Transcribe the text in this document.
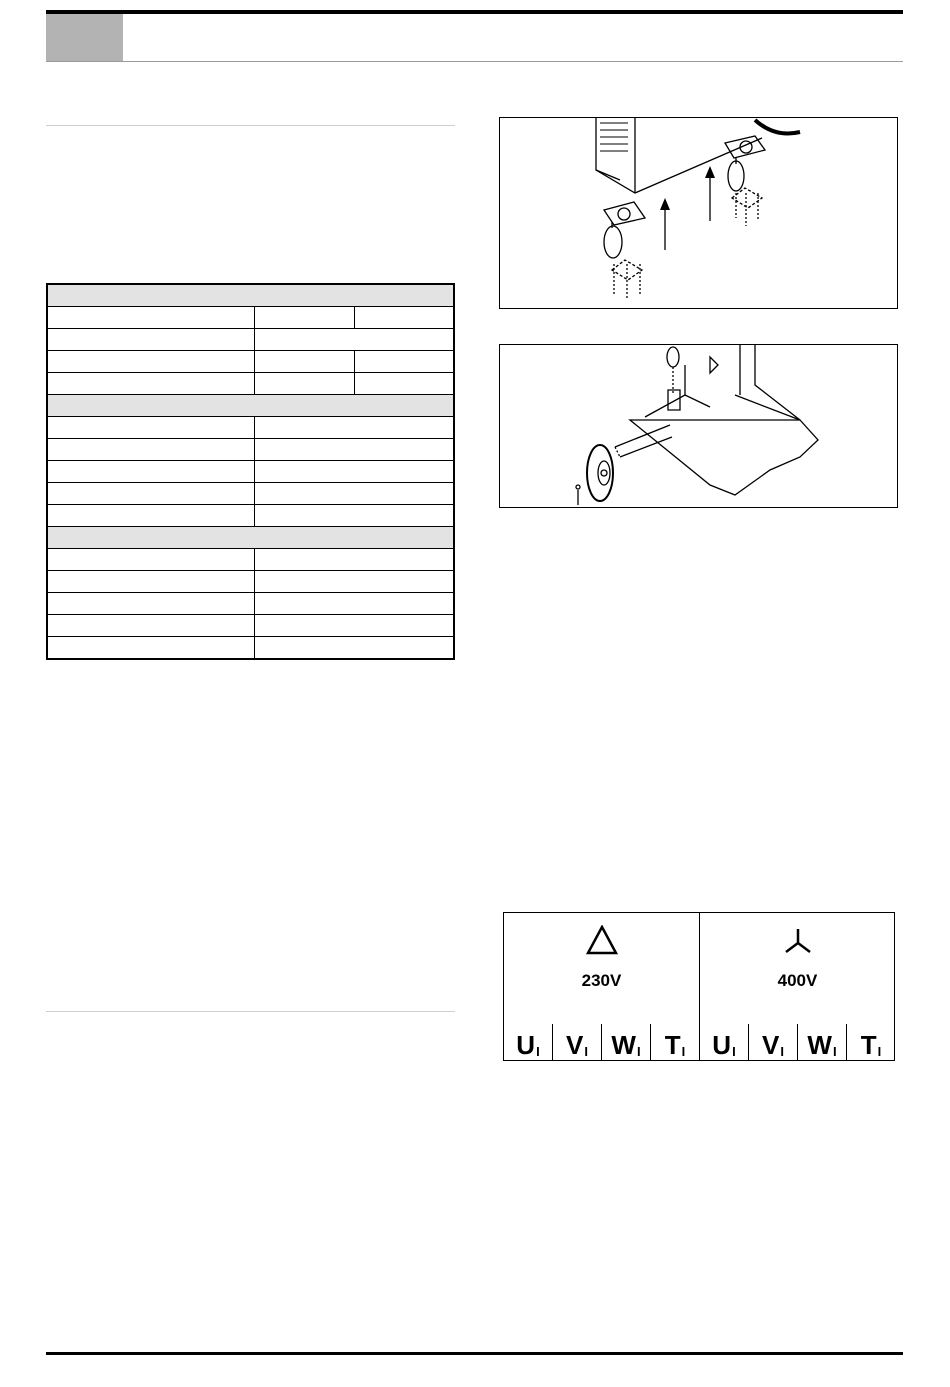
230V
U I V I W I T I
400V
U I V I W I T I
